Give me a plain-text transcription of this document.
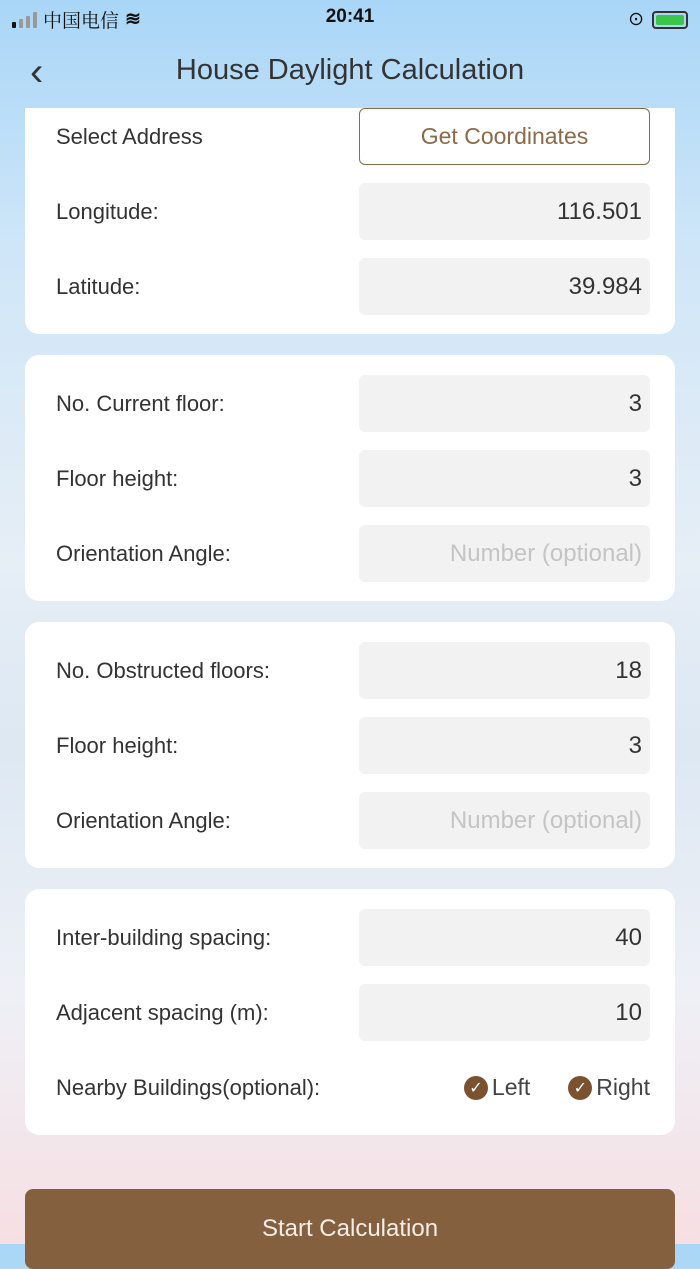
中国电信 ≋	20:41	⊙
‹	House Daylight Calculation
Select Address	Get Coordinates
Longitude:	116.501
Latitude:	39.984
No. Current floor:	3
Floor height:	3
Orientation Angle:	Number (optional)
No. Obstructed floors:	18
Floor height:	3
Orientation Angle:	Number (optional)
Inter-building spacing:	40
Adjacent spacing (m):	10
Nearby Buildings(optional):	✓ Left	✓ Right
Start Calculation
